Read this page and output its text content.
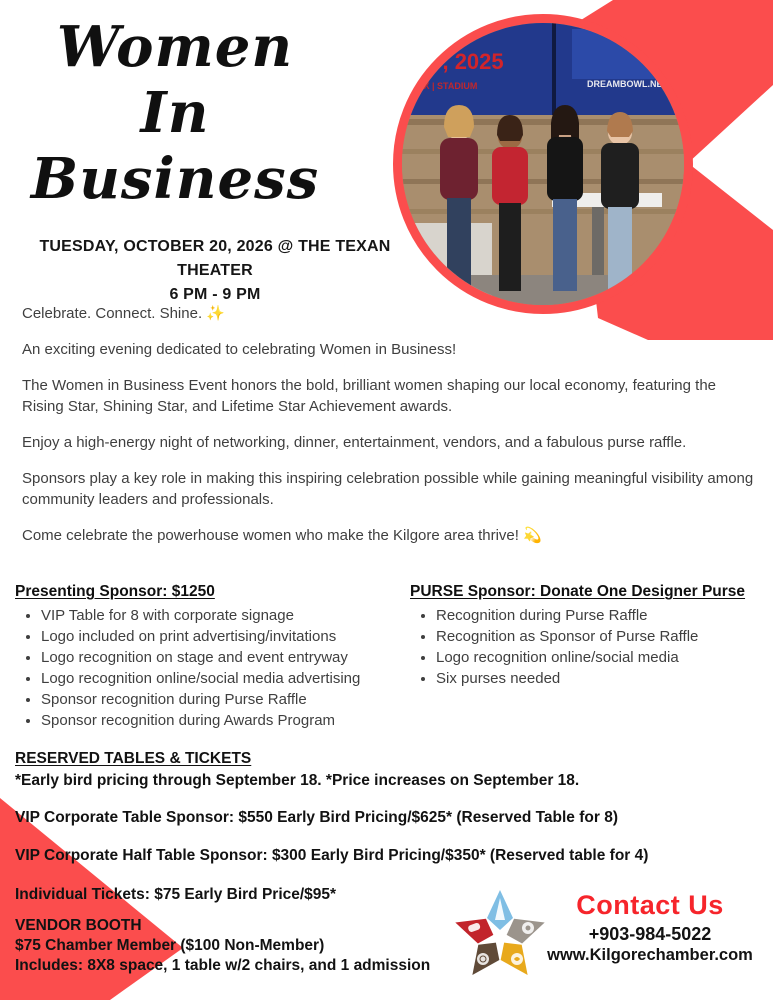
19, 2025
TX | STADIUM	DREAMBOWL.NET
Women
In
Business
TUESDAY, OCTOBER 20, 2026 @ THE TEXAN THEATER
6 PM - 9 PM

Celebrate. Connect. Shine. ✨

An exciting evening dedicated to celebrating Women in Business!

The Women in Business Event honors the bold, brilliant women shaping our local economy, featuring the Rising Star, Shining Star, and Lifetime Star Achievement awards.

Enjoy a high-energy night of networking, dinner, entertainment, vendors, and a fabulous purse raffle.

Sponsors play a key role in making this inspiring celebration possible while gaining meaningful visibility among community leaders and professionals.

Come celebrate the powerhouse women who make the Kilgore area thrive! 💫

Presenting Sponsor: $1250
• VIP Table for 8 with corporate signage
• Logo included on print advertising/invitations
• Logo recognition on stage and event entryway
• Logo recognition online/social media advertising
• Sponsor recognition during Purse Raffle
• Sponsor recognition during Awards Program
PURSE Sponsor: Donate One Designer Purse
• Recognition during Purse Raffle
• Recognition as Sponsor of Purse Raffle
• Logo recognition online/social media
• Six purses needed
RESERVED TABLES & TICKETS

*Early bird pricing through September 18. *Price increases on September 18.

VIP Corporate Table Sponsor: $550 Early Bird Pricing/$625* (Reserved Table for 8)

VIP Corporate Half Table Sponsor: $300 Early Bird Pricing/$350* (Reserved table for 4)

Individual Tickets: $75 Early Bird Price/$95*

VENDOR BOOTH

$75 Chamber Member ($100 Non-Member)

Includes: 8X8 space, 1 table w/2 chairs, and 1 admission

Contact Us
+903-984-5022
www.Kilgorechamber.com
